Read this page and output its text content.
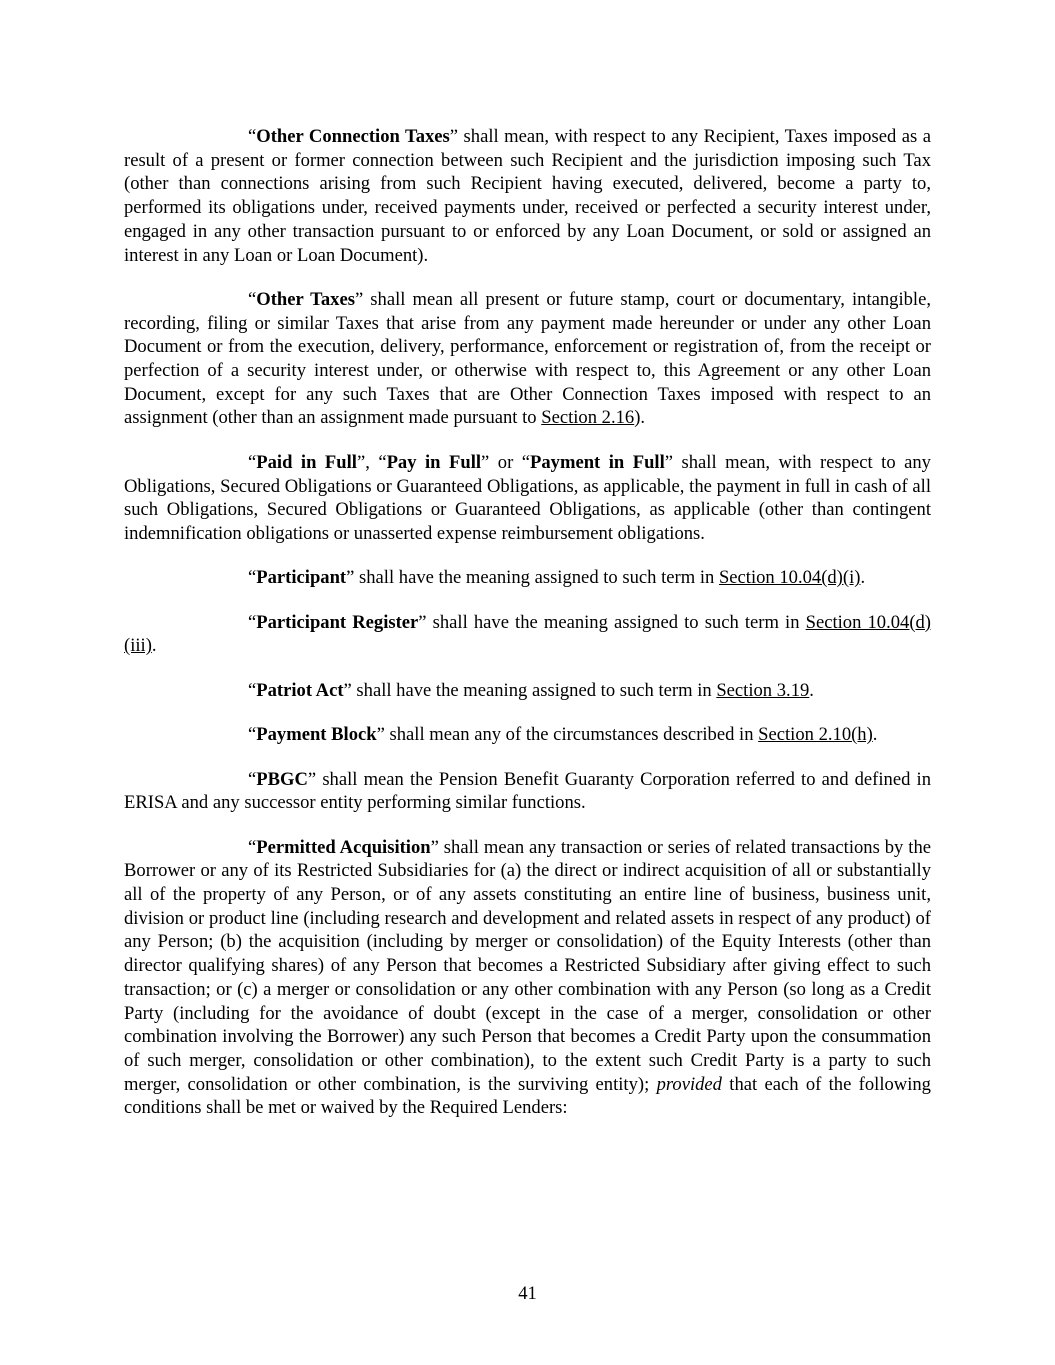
“Other Connection Taxes” shall mean, with respect to any Recipient, Taxes imposed as a result of a present or former connection between such Recipient and the jurisdiction imposing such Tax (other than connections arising from such Recipient having executed, delivered, become a party to, performed its obligations under, received payments under, received or perfected a security interest under, engaged in any other transaction pursuant to or enforced by any Loan Document, or sold or assigned an interest in any Loan or Loan Document).

“Other Taxes” shall mean all present or future stamp, court or documentary, intangible, recording, filing or similar Taxes that arise from any payment made hereunder or under any other Loan Document or from the execution, delivery, performance, enforcement or registration of, from the receipt or perfection of a security interest under, or otherwise with respect to, this Agreement or any other Loan Document, except for any such Taxes that are Other Connection Taxes imposed with respect to an assignment (other than an assignment made pursuant to Section 2.16).

“Paid in Full”, “Pay in Full” or “Payment in Full” shall mean, with respect to any Obligations, Secured Obligations or Guaranteed Obligations, as applicable, the payment in full in cash of all such Obligations, Secured Obligations or Guaranteed Obligations, as applicable (other than contingent indemnification obligations or unasserted expense reimbursement obligations.

“Participant” shall have the meaning assigned to such term in Section 10.04(d)(i).

“Participant Register” shall have the meaning assigned to such term in Section 10.04(d)(iii).

“Patriot Act” shall have the meaning assigned to such term in Section 3.19.

“Payment Block” shall mean any of the circumstances described in Section 2.10(h).

“PBGC” shall mean the Pension Benefit Guaranty Corporation referred to and defined in ERISA and any successor entity performing similar functions.

“Permitted Acquisition” shall mean any transaction or series of related transactions by the Borrower or any of its Restricted Subsidiaries for (a) the direct or indirect acquisition of all or substantially all of the property of any Person, or of any assets constituting an entire line of business, business unit, division or product line (including research and development and related assets in respect of any product) of any Person; (b) the acquisition (including by merger or consolidation) of the Equity Interests (other than director qualifying shares) of any Person that becomes a Restricted Subsidiary after giving effect to such transaction; or (c) a merger or consolidation or any other combination with any Person (so long as a Credit Party (including for the avoidance of doubt (except in the case of a merger, consolidation or other combination involving the Borrower) any such Person that becomes a Credit Party upon the consummation of such merger, consolidation or other combination), to the extent such Credit Party is a party to such merger, consolidation or other combination, is the surviving entity); provided that each of the following conditions shall be met or waived by the Required Lenders:

41
